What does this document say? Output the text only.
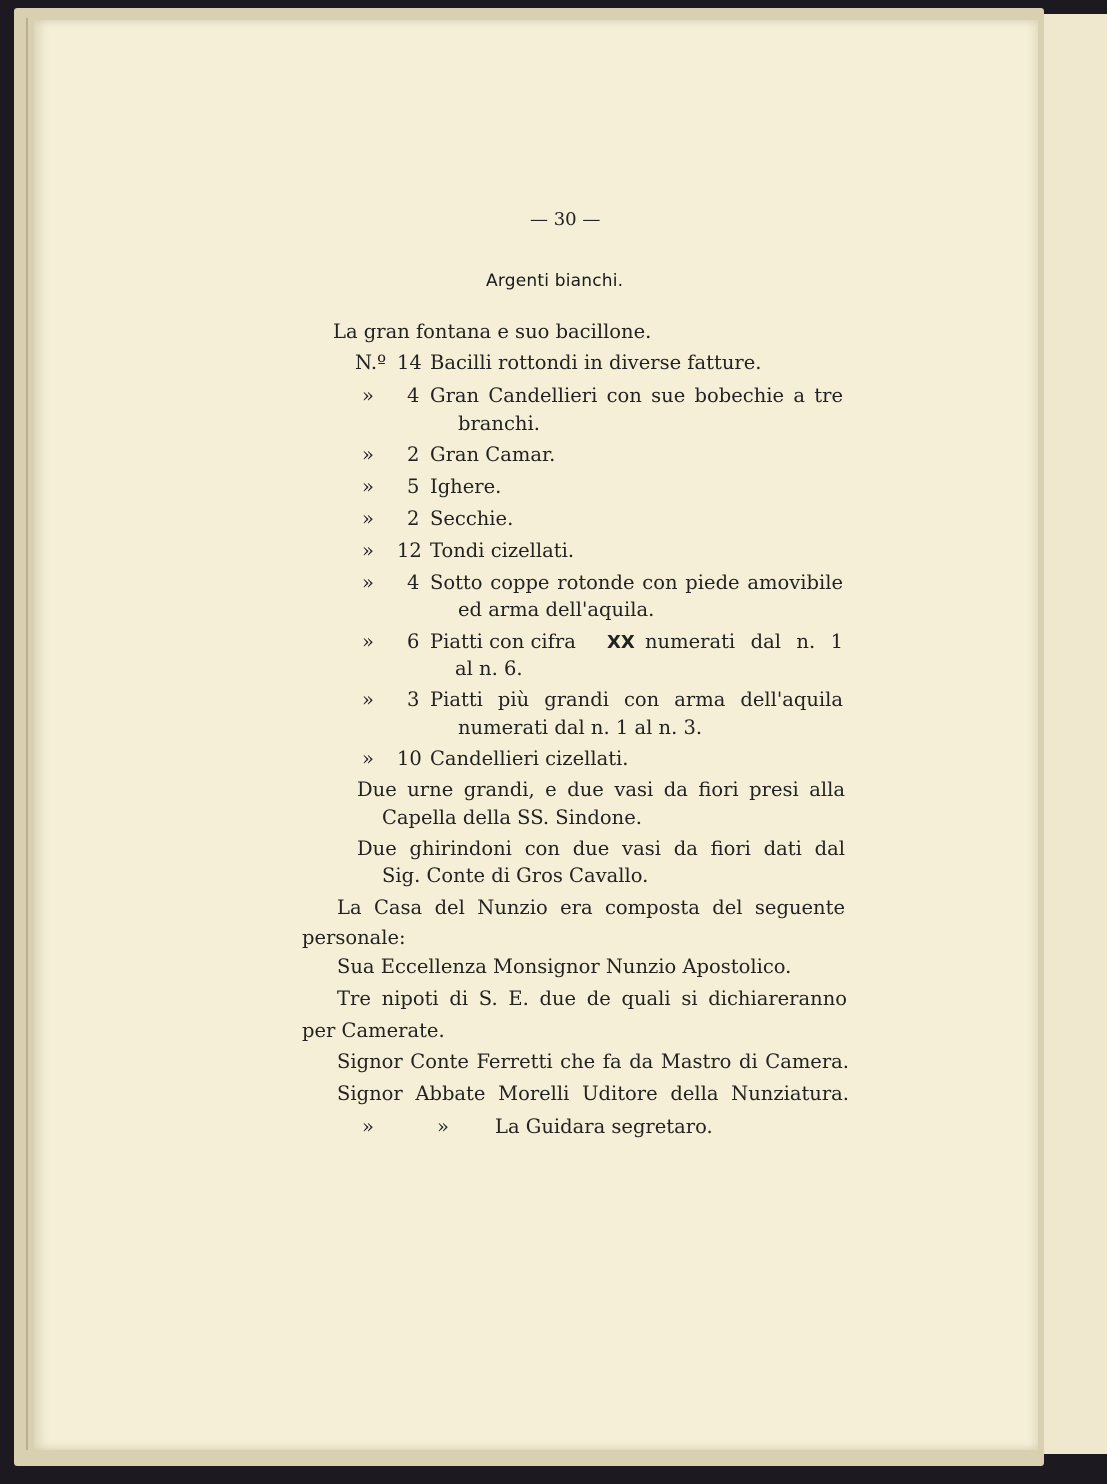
— 30 —
Argenti bianchi.
La gran fontana e suo bacillone.
N.º 14 Bacilli rottondi in diverse fatture.
» 4 Gran Candellieri con sue bobechie a tre
branchi.
» 2 Gran Camar.
» 5 Ighere.
» 2 Secchie.
» 12 Tondi cizellati.
» 4 Sotto coppe rotonde con piede amovibile
ed arma dell'aquila.
» 6 Piatti con cifra XX numerati dal n. 1
al n. 6.
» 3 Piatti più grandi con arma dell'aquila
numerati dal n. 1 al n. 3.
» 10 Candellieri cizellati.
Due urne grandi, e due vasi da fiori presi alla
Capella della SS. Sindone.
Due ghirindoni con due vasi da fiori dati dal
Sig. Conte di Gros Cavallo.
La Casa del Nunzio era composta del seguente
personale:
Sua Eccellenza Monsignor Nunzio Apostolico.
Tre nipoti di S. E. due de quali si dichiareranno
per Camerate.
Signor Conte Ferretti che fa da Mastro di Camera.
Signor Abbate Morelli Uditore della Nunziatura.
»	» La Guidara segretaro.
